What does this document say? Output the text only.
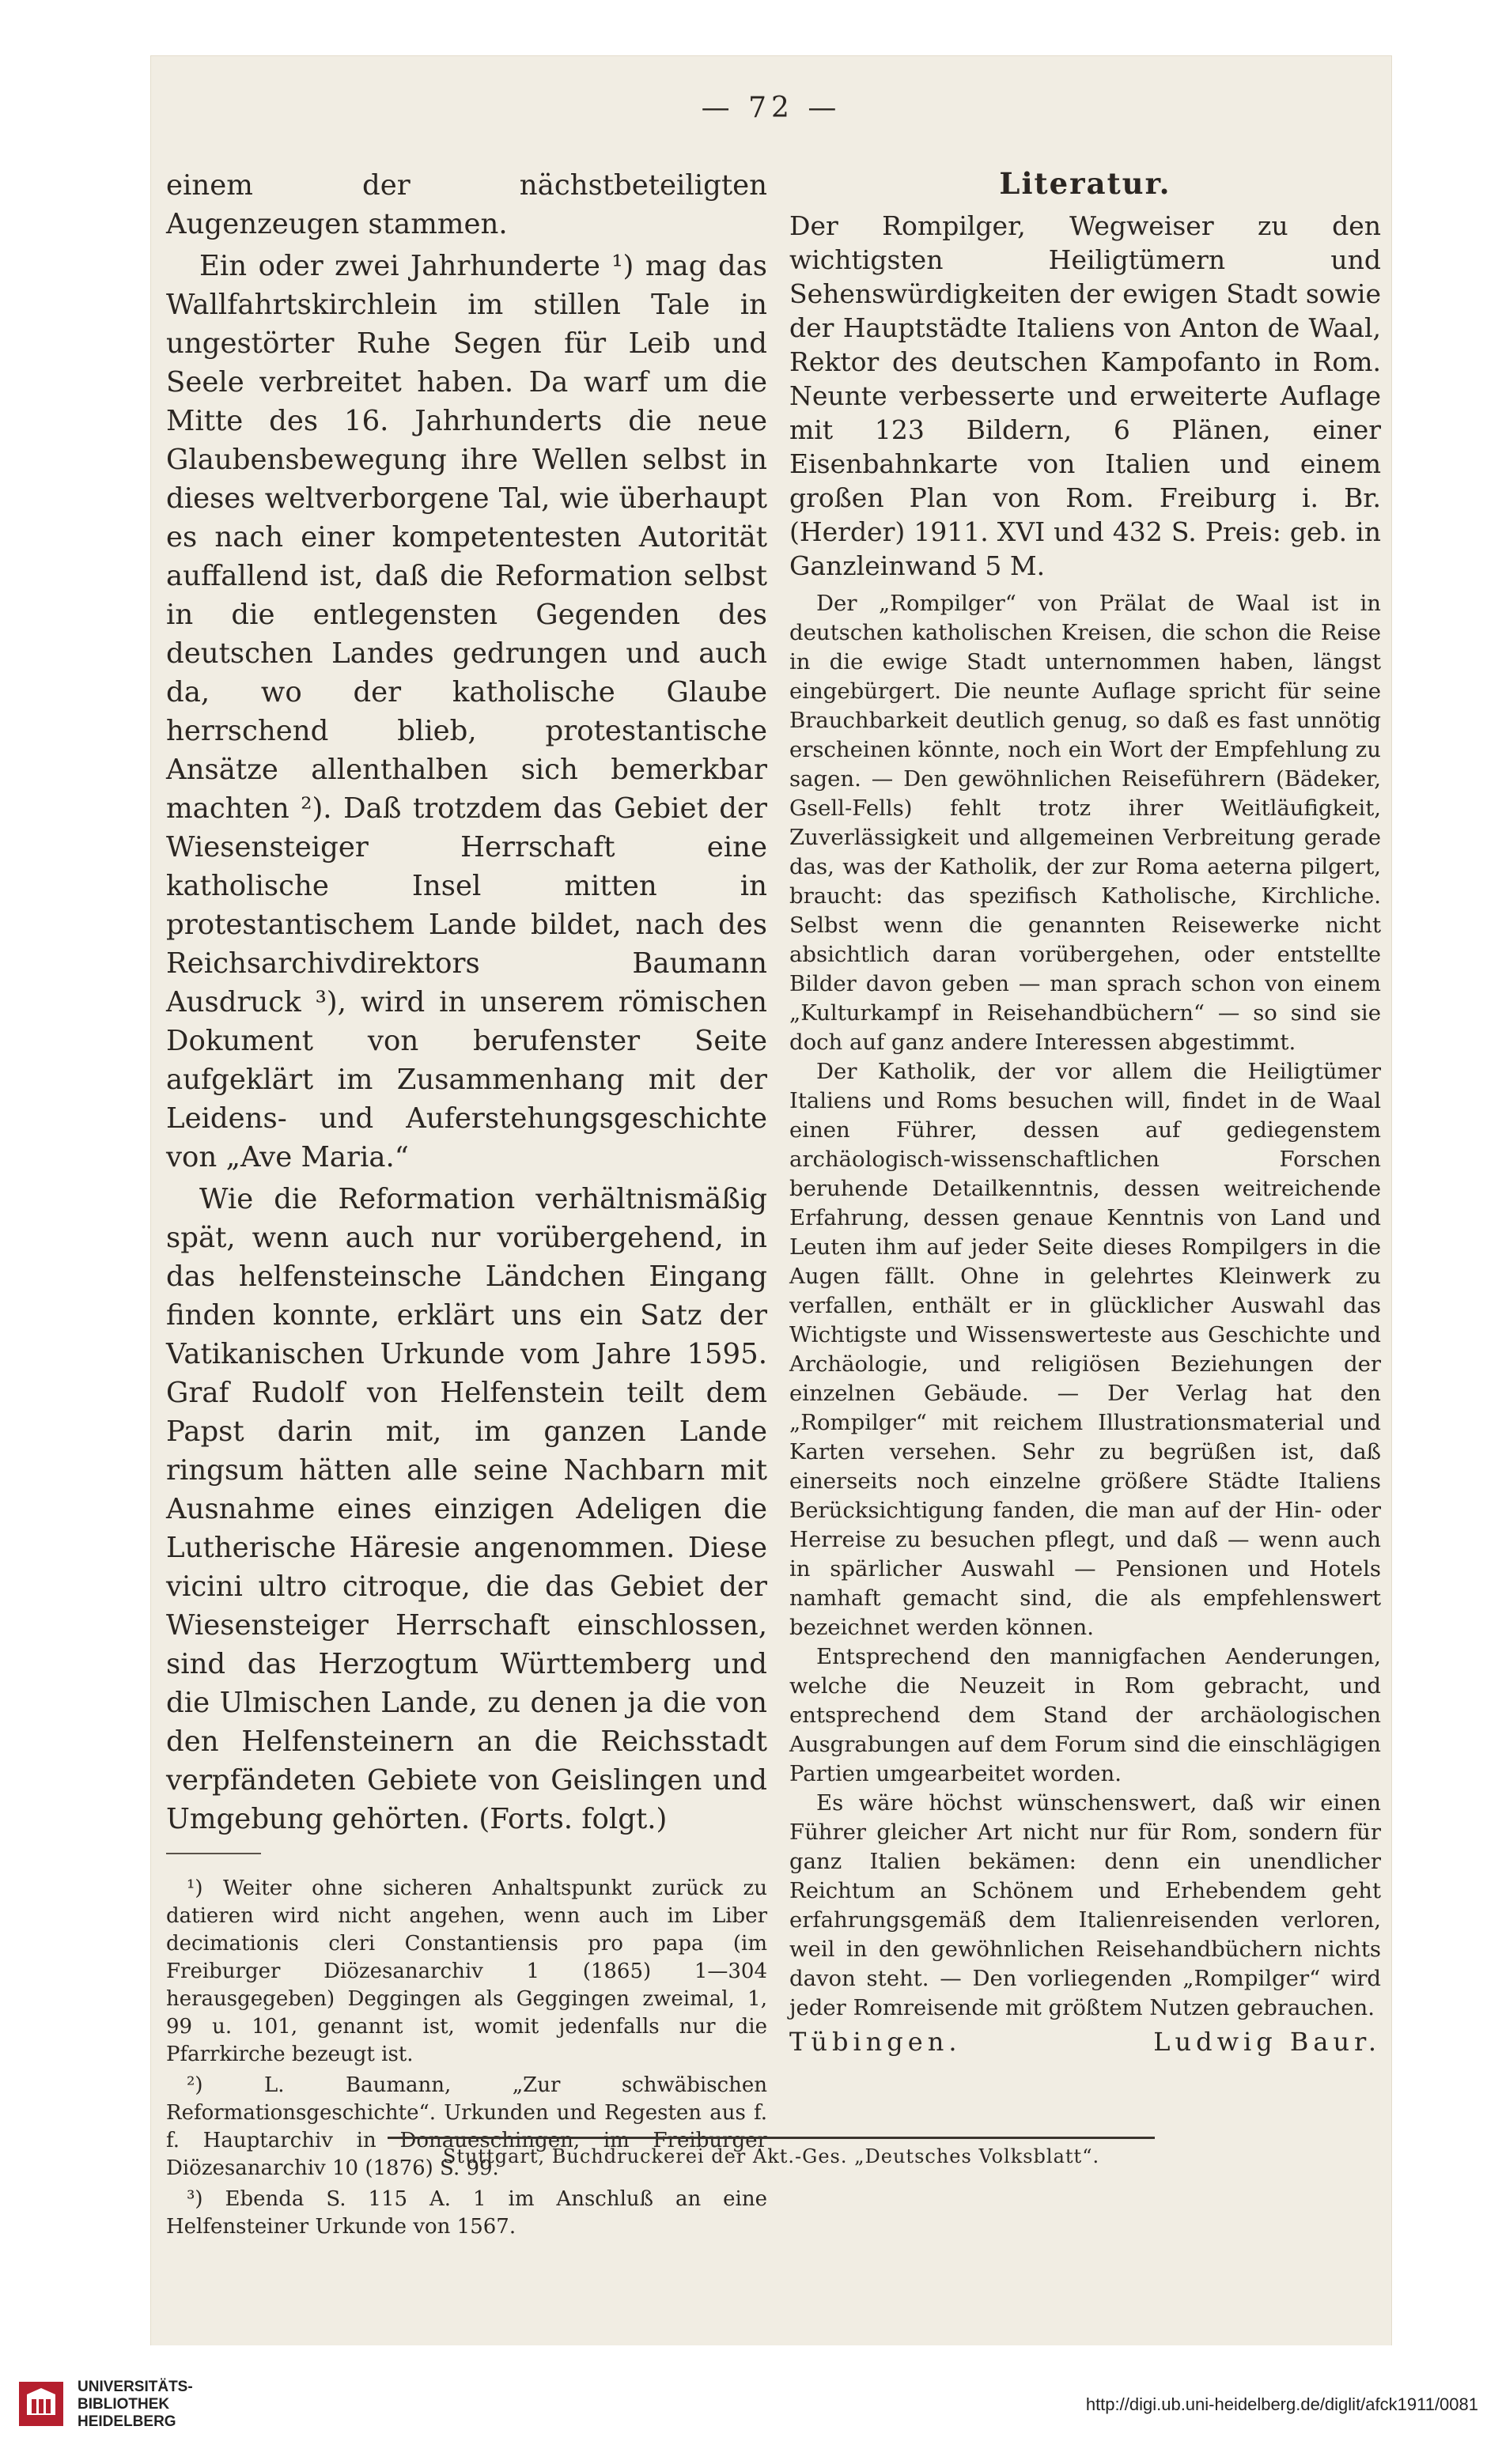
— 72 —

einem der nächstbeteiligten Augenzeugen stammen.

Ein oder zwei Jahrhunderte ¹) mag das Wallfahrtskirchlein im stillen Tale in ungestörter Ruhe Segen für Leib und Seele verbreitet haben. Da warf um die Mitte des 16. Jahrhunderts die neue Glaubensbewegung ihre Wellen selbst in dieses weltverborgene Tal, wie überhaupt es nach einer kompetentesten Autorität auffallend ist, daß die Reformation selbst in die entlegensten Gegenden des deutschen Landes gedrungen und auch da, wo der katholische Glaube herrschend blieb, protestantische Ansätze allenthalben sich bemerkbar machten ²). Daß trotzdem das Gebiet der Wiesensteiger Herrschaft eine katholische Insel mitten in protestantischem Lande bildet, nach des Reichsarchivdirektors Baumann Ausdruck ³), wird in unserem römischen Dokument von berufenster Seite aufgeklärt im Zusammenhang mit der Leidens- und Auferstehungsgeschichte von „Ave Maria.“

Wie die Reformation verhältnismäßig spät, wenn auch nur vorübergehend, in das helfensteinsche Ländchen Eingang finden konnte, erklärt uns ein Satz der Vatikanischen Urkunde vom Jahre 1595. Graf Rudolf von Helfenstein teilt dem Papst darin mit, im ganzen Lande ringsum hätten alle seine Nachbarn mit Ausnahme eines einzigen Adeligen die Lutherische Häresie angenommen. Diese vicini ultro citroque, die das Gebiet der Wiesensteiger Herrschaft einschlossen, sind das Herzogtum Württemberg und die Ulmischen Lande, zu denen ja die von den Helfensteinern an die Reichsstadt verpfändeten Gebiete von Geislingen und Umgebung gehörten. (Forts. folgt.)

¹) Weiter ohne sicheren Anhaltspunkt zurück zu datieren wird nicht angehen, wenn auch im Liber decimationis cleri Constantiensis pro papa (im Freiburger Diözesanarchiv 1 (1865) 1—304 herausgegeben) Deggingen als Geggingen zweimal, 1, 99 u. 101, genannt ist, womit jedenfalls nur die Pfarrkirche bezeugt ist.

²) L. Baumann, „Zur schwäbischen Reformationsgeschichte“. Urkunden und Regesten aus f. f. Hauptarchiv in Donaueschingen, im Freiburger Diözesanarchiv 10 (1876) S. 99.

³) Ebenda S. 115 A. 1 im Anschluß an eine Helfensteiner Urkunde von 1567.

Literatur.

Der Rompilger, Wegweiser zu den wichtigsten Heiligtümern und Sehenswürdigkeiten der ewigen Stadt sowie der Hauptstädte Italiens von Anton de Waal, Rektor des deutschen Kampofanto in Rom. Neunte verbesserte und erweiterte Auflage mit 123 Bildern, 6 Plänen, einer Eisenbahnkarte von Italien und einem großen Plan von Rom. Freiburg i. Br. (Herder) 1911. XVI und 432 S. Preis: geb. in Ganzleinwand 5 M.

Der „Rompilger“ von Prälat de Waal ist in deutschen katholischen Kreisen, die schon die Reise in die ewige Stadt unternommen haben, längst eingebürgert. Die neunte Auflage spricht für seine Brauchbarkeit deutlich genug, so daß es fast unnötig erscheinen könnte, noch ein Wort der Empfehlung zu sagen. — Den gewöhnlichen Reiseführern (Bädeker, Gsell-Fells) fehlt trotz ihrer Weitläufigkeit, Zuverlässigkeit und allgemeinen Verbreitung gerade das, was der Katholik, der zur Roma aeterna pilgert, braucht: das spezifisch Katholische, Kirchliche. Selbst wenn die genannten Reisewerke nicht absichtlich daran vorübergehen, oder entstellte Bilder davon geben — man sprach schon von einem „Kulturkampf in Reisehandbüchern“ — so sind sie doch auf ganz andere Interessen abgestimmt.

Der Katholik, der vor allem die Heiligtümer Italiens und Roms besuchen will, findet in de Waal einen Führer, dessen auf gediegenstem archäologisch-wissenschaftlichen Forschen beruhende Detailkenntnis, dessen weitreichende Erfahrung, dessen genaue Kenntnis von Land und Leuten ihm auf jeder Seite dieses Rompilgers in die Augen fällt. Ohne in gelehrtes Kleinwerk zu verfallen, enthält er in glücklicher Auswahl das Wichtigste und Wissenswerteste aus Geschichte und Archäologie, und religiösen Beziehungen der einzelnen Gebäude. — Der Verlag hat den „Rompilger“ mit reichem Illustrationsmaterial und Karten versehen. Sehr zu begrüßen ist, daß einerseits noch einzelne größere Städte Italiens Berücksichtigung fanden, die man auf der Hin- oder Herreise zu besuchen pflegt, und daß — wenn auch in spärlicher Auswahl — Pensionen und Hotels namhaft gemacht sind, die als empfehlenswert bezeichnet werden können.

Entsprechend den mannigfachen Aenderungen, welche die Neuzeit in Rom gebracht, und entsprechend dem Stand der archäologischen Ausgrabungen auf dem Forum sind die einschlägigen Partien umgearbeitet worden.

Es wäre höchst wünschenswert, daß wir einen Führer gleicher Art nicht nur für Rom, sondern für ganz Italien bekämen: denn ein unendlicher Reichtum an Schönem und Erhebendem geht erfahrungsgemäß dem Italienreisenden verloren, weil in den gewöhnlichen Reisehandbüchern nichts davon steht. — Den vorliegenden „Rompilger“ wird jeder Romreisende mit größtem Nutzen gebrauchen.

Tübingen.	Ludwig Baur.
Stuttgart, Buchdruckerei der Akt.-Ges. „Deutsches Volksblatt“.
UNIVERSITÄTS-
BIBLIOTHEK
HEIDELBERG
http://digi.ub.uni-heidelberg.de/diglit/afck1911/0081
